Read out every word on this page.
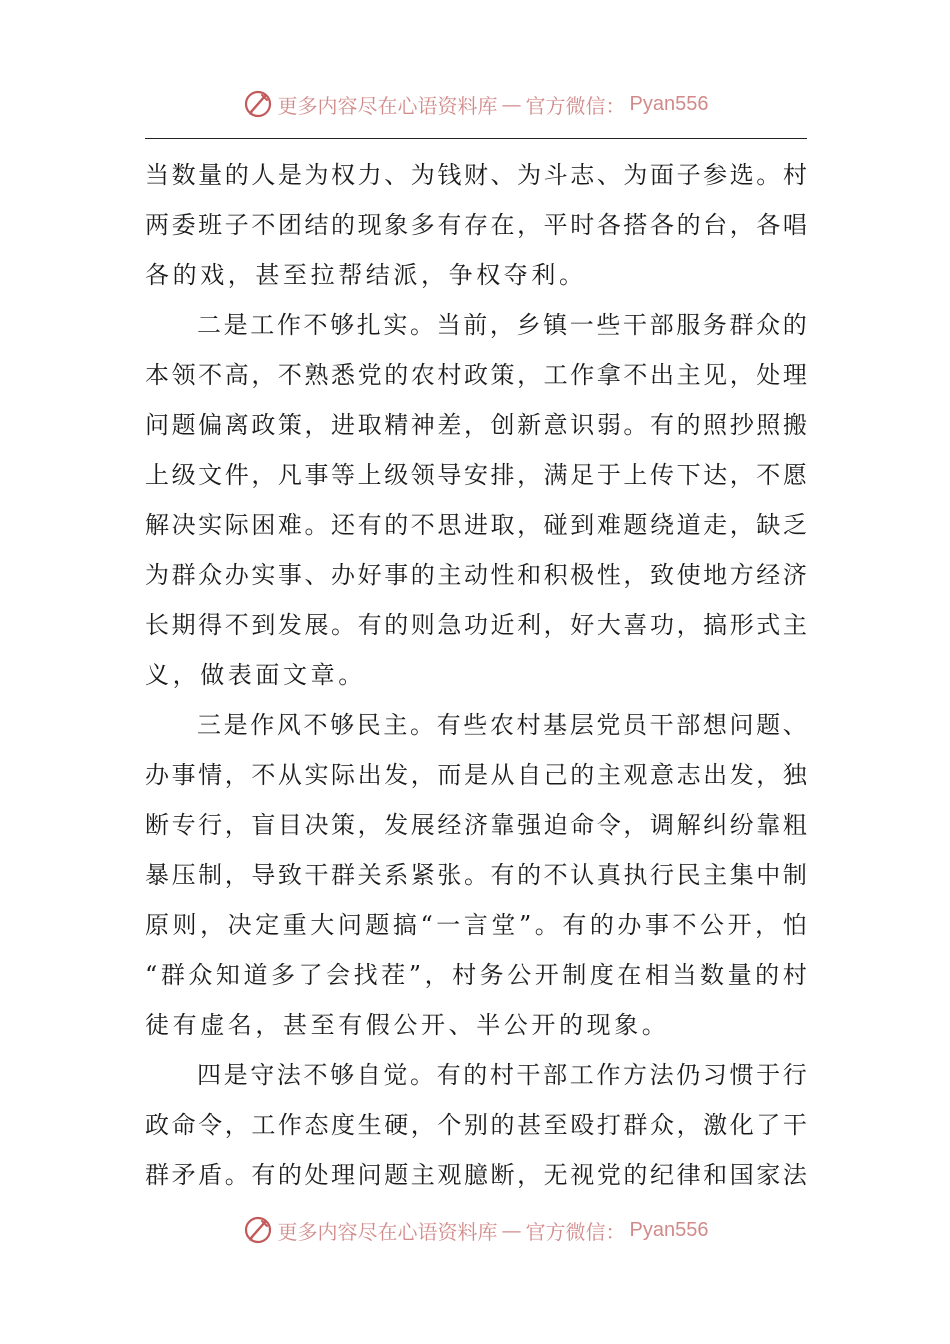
更多内容尽在心语资料库 — 官方微信： Pyan556
当 数 量 的 人 是 为 权 力 、 为 钱 财 、 为 斗 志 、 为 面 子 参 选 。 村
两 委 班 子 不 团 结 的 现 象 多 有 存 在 ， 平 时 各 搭 各 的 台 ， 各 唱
各的戏，甚至拉帮结派，争权夺利。
二 是 工 作 不 够 扎 实 。 当 前 ， 乡 镇 一 些 干 部 服 务 群 众 的
本 领 不 高 ， 不 熟 悉 党 的 农 村 政 策 ， 工 作 拿 不 出 主 见 ， 处 理
问 题 偏 离 政 策 ， 进 取 精 神 差 ， 创 新 意 识 弱 。 有 的 照 抄 照 搬
上 级 文 件 ， 凡 事 等 上 级 领 导 安 排 ， 满 足 于 上 传 下 达 ， 不 愿
解 决 实 际 困 难 。 还 有 的 不 思 进 取 ， 碰 到 难 题 绕 道 走 ， 缺 乏
为 群 众 办 实 事 、 办 好 事 的 主 动 性 和 积 极 性 ， 致 使 地 方 经 济
长 期 得 不 到 发 展 。 有 的 则 急 功 近 利 ， 好 大 喜 功 ， 搞 形 式 主
义，做表面文章。
三 是 作 风 不 够 民 主 。 有 些 农 村 基 层 党 员 干 部 想 问 题 、
办 事 情 ， 不 从 实 际 出 发 ， 而 是 从 自 己 的 主 观 意 志 出 发 ， 独
断 专 行 ， 盲 目 决 策 ， 发 展 经 济 靠 强 迫 命 令 ， 调 解 纠 纷 靠 粗
暴 压 制 ， 导 致 干 群 关 系 紧 张 。 有 的 不 认 真 执 行 民 主 集 中 制
原 则 ， 决 定 重 大 问 题 搞 “ 一 言 堂 ” 。 有 的 办 事 不 公 开 ， 怕
“ 群 众 知 道 多 了 会 找 茬 ” ， 村 务 公 开 制 度 在 相 当 数 量 的 村
徒有虚名，甚至有假公开、半公开的现象。
四 是 守 法 不 够 自 觉 。 有 的 村 干 部 工 作 方 法 仍 习 惯 于 行
政 命 令 ， 工 作 态 度 生 硬 ， 个 别 的 甚 至 殴 打 群 众 ， 激 化 了 干
群 矛 盾 。 有 的 处 理 问 题 主 观 臆 断 ， 无 视 党 的 纪 律 和 国 家 法
更多内容尽在心语资料库 — 官方微信： Pyan556
